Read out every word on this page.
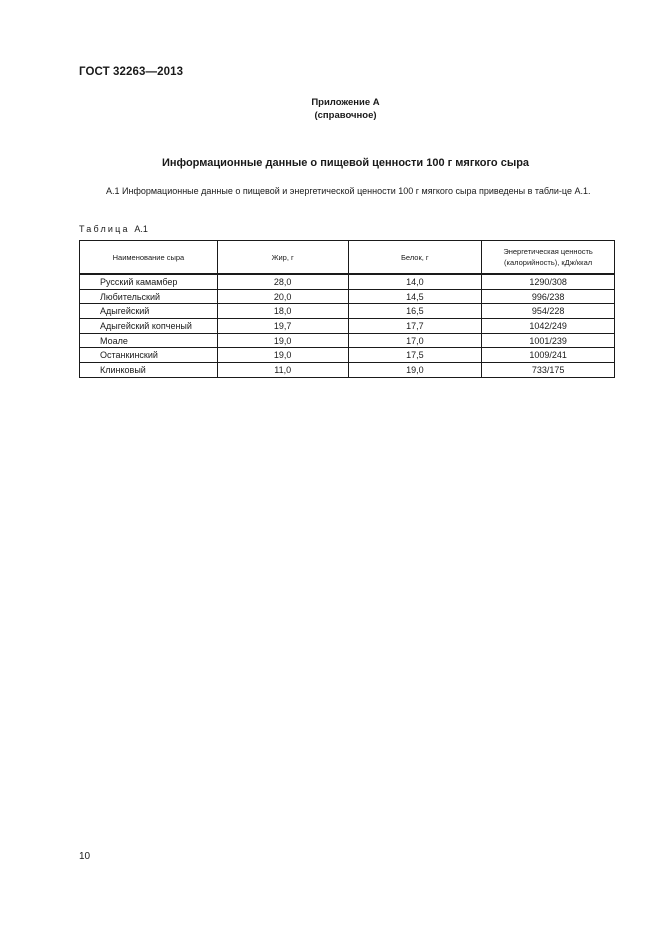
ГОСТ 32263—2013
Приложение А
(справочное)
Информационные данные о пищевой ценности 100 г мягкого сыра
А.1 Информационные данные о пищевой и энергетической ценности 100 г мягкого сыра приведены в табли-це А.1.
Таблица А.1
Наименование сыра	Жир, г	Белок, г	Энергетическая ценность
(калорийность), кДж/ккал

Русский камамбер	28,0	14,0	1290/308
Любительский	20,0	14,5	996/238
Адыгейский	18,0	16,5	954/228
Адыгейский копченый	19,7	17,7	1042/249
Моале	19,0	17,0	1001/239
Останкинский	19,0	17,5	1009/241
Клинковый	11,0	19,0	733/175
10
